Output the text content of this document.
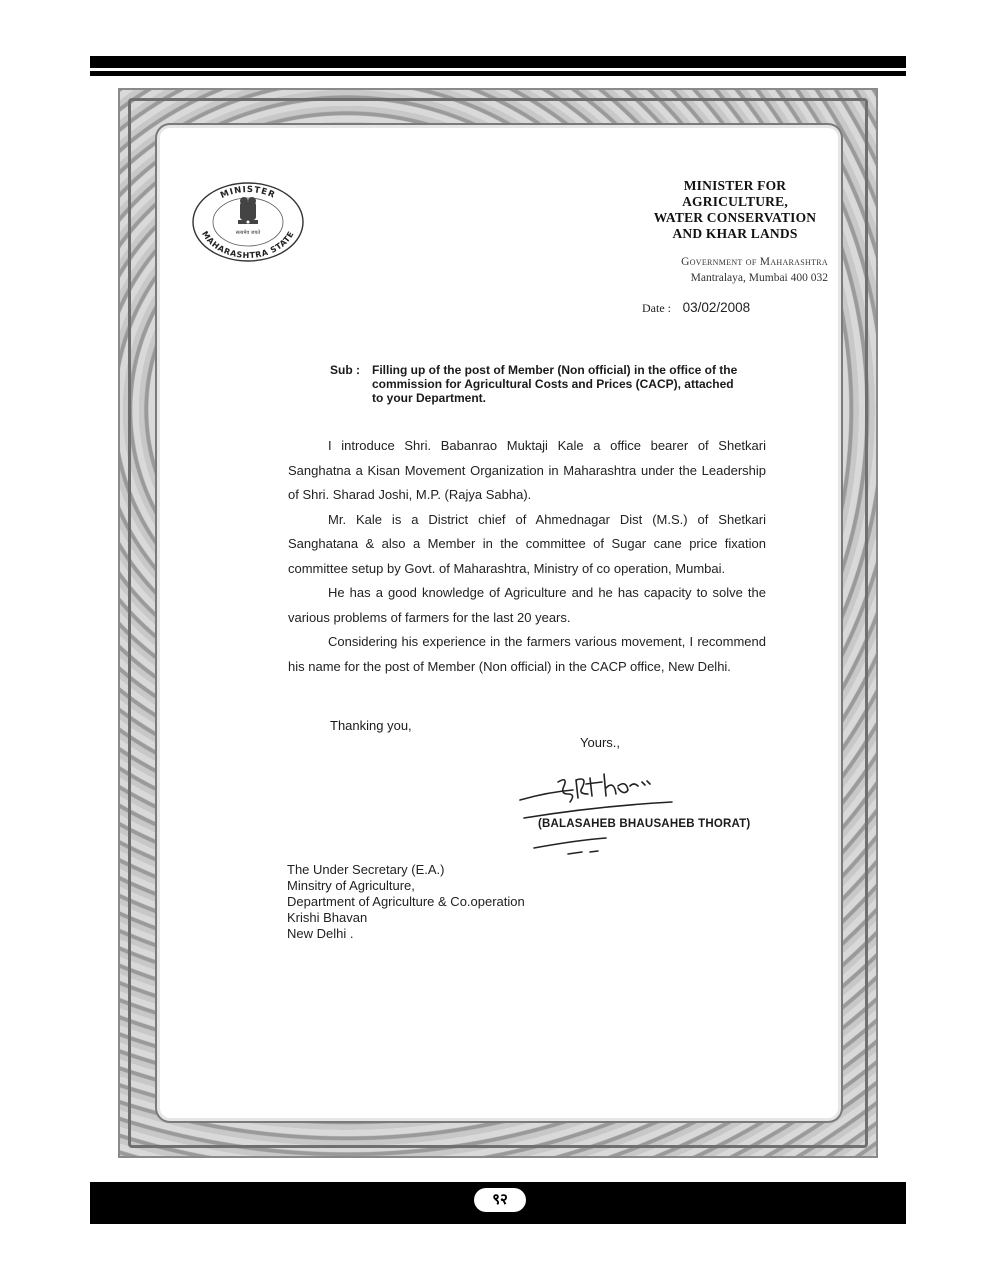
MINISTER
MAHARASHTRA STATE
सत्यमेव जयते
MINISTER FOR
AGRICULTURE,
WATER CONSERVATION
AND KHAR LANDS
Government of Maharashtra
Mantralaya, Mumbai 400 032
Date : 03/02/2008
Sub : Filling up of the post of Member (Non official) in the office of the
commission for Agricultural Costs and Prices (CACP), attached
to your Department.

I introduce Shri. Babanrao Muktaji Kale a office bearer of Shetkari Sanghatna a Kisan Movement Organization in Maharashtra under the Leadership of Shri. Sharad Joshi, M.P. (Rajya Sabha).

Mr. Kale is a District chief of Ahmednagar Dist (M.S.) of Shetkari Sanghatana & also a Member in the committee of Sugar cane price fixation committee setup by Govt. of Maharashtra, Ministry of co operation, Mumbai.

He has a good knowledge of Agriculture and he has capacity to solve the various problems of farmers for the last 20 years.

Considering his experience in the farmers various movement, I recommend his name for the post of Member (Non official) in the CACP office, New Delhi.

Thanking you,
Yours.,
(BALASAHEB BHAUSAHEB THORAT)
The Under Secretary (E.A.)
Minsitry of Agriculture,
Department of Agriculture & Co.operation
Krishi Bhavan
New Delhi .
९२
